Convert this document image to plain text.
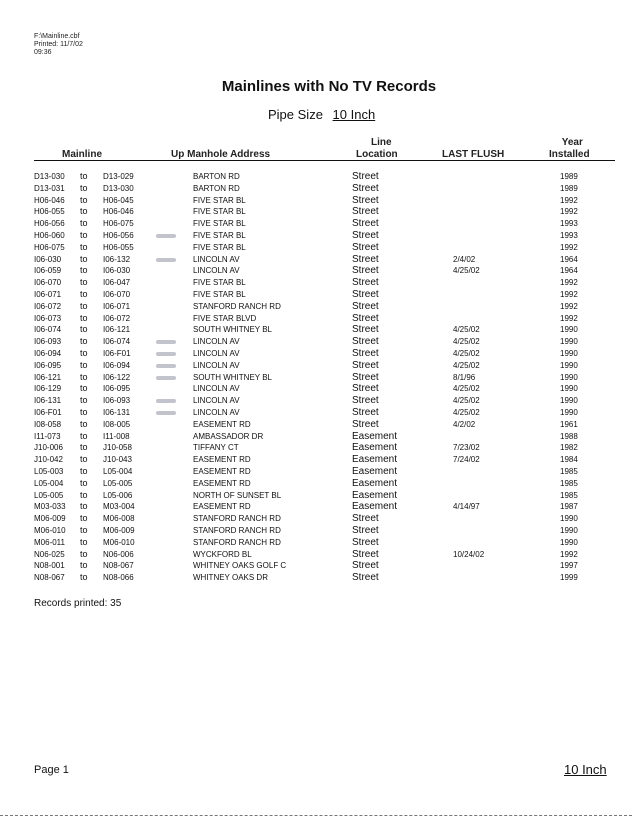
F:\Mainline.cbf
Printed: 11/7/02
09:36
Mainlines with No TV Records
Pipe Size 10 Inch
Mainline	Up Manhole Address
Line
Location	LAST FLUSH
Year
Installed
D13-030 to D13-029	BARTON RD	Street	1989
D13-031 to D13-030	BARTON RD	Street	1989
H06-046 to H06-045	FIVE STAR BL	Street	1992
H06-055 to H06-046	FIVE STAR BL	Street	1992
H06-056 to H06-075	FIVE STAR BL	Street	1993
H06-060 to H06-056	FIVE STAR BL	Street	1993
H06-075 to H06-055	FIVE STAR BL	Street	1992
I06-030 to I06-132	LINCOLN AV	Street	2/4/02	1964
I06-059 to I06-030	LINCOLN AV	Street	4/25/02	1964
I06-070 to I06-047	FIVE STAR BL	Street	1992
I06-071 to I06-070	FIVE STAR BL	Street	1992
I06-072 to I06-071	STANFORD RANCH RD	Street	1992
I06-073 to I06-072	FIVE STAR BLVD	Street	1992
I06-074 to I06-121	SOUTH WHITNEY BL	Street	4/25/02	1990
I06-093 to I06-074	LINCOLN AV	Street	4/25/02	1990
I06-094 to I06-F01	LINCOLN AV	Street	4/25/02	1990
I06-095 to I06-094	LINCOLN AV	Street	4/25/02	1990
I06-121 to I06-122	SOUTH WHITNEY BL	Street	8/1/96	1990
I06-129 to I06-095	LINCOLN AV	Street	4/25/02	1990
I06-131 to I06-093	LINCOLN AV	Street	4/25/02	1990
I06-F01 to I06-131	LINCOLN AV	Street	4/25/02	1990
I08-058 to I08-005	EASEMENT RD	Street	4/2/02	1961
I11-073 to I11-008	AMBASSADOR DR	Easement	1988
J10-006 to J10-058	TIFFANY CT	Easement	7/23/02	1982
J10-042 to J10-043	EASEMENT RD	Easement	7/24/02	1984
L05-003 to L05-004	EASEMENT RD	Easement	1985
L05-004 to L05-005	EASEMENT RD	Easement	1985
L05-005 to L05-006	NORTH OF SUNSET BL	Easement	1985
M03-033 to M03-004	EASEMENT RD	Easement	4/14/97	1987
M06-009 to M06-008	STANFORD RANCH RD	Street	1990
M06-010 to M06-009	STANFORD RANCH RD	Street	1990
M06-011 to M06-010	STANFORD RANCH RD	Street	1990
N06-025 to N06-006	WYCKFORD BL	Street	10/24/02	1992
N08-001 to N08-067	WHITNEY OAKS GOLF C	Street	1997
N08-067 to N08-066	WHITNEY OAKS DR	Street	1999
Records printed: 35
Page 1	10 Inch
